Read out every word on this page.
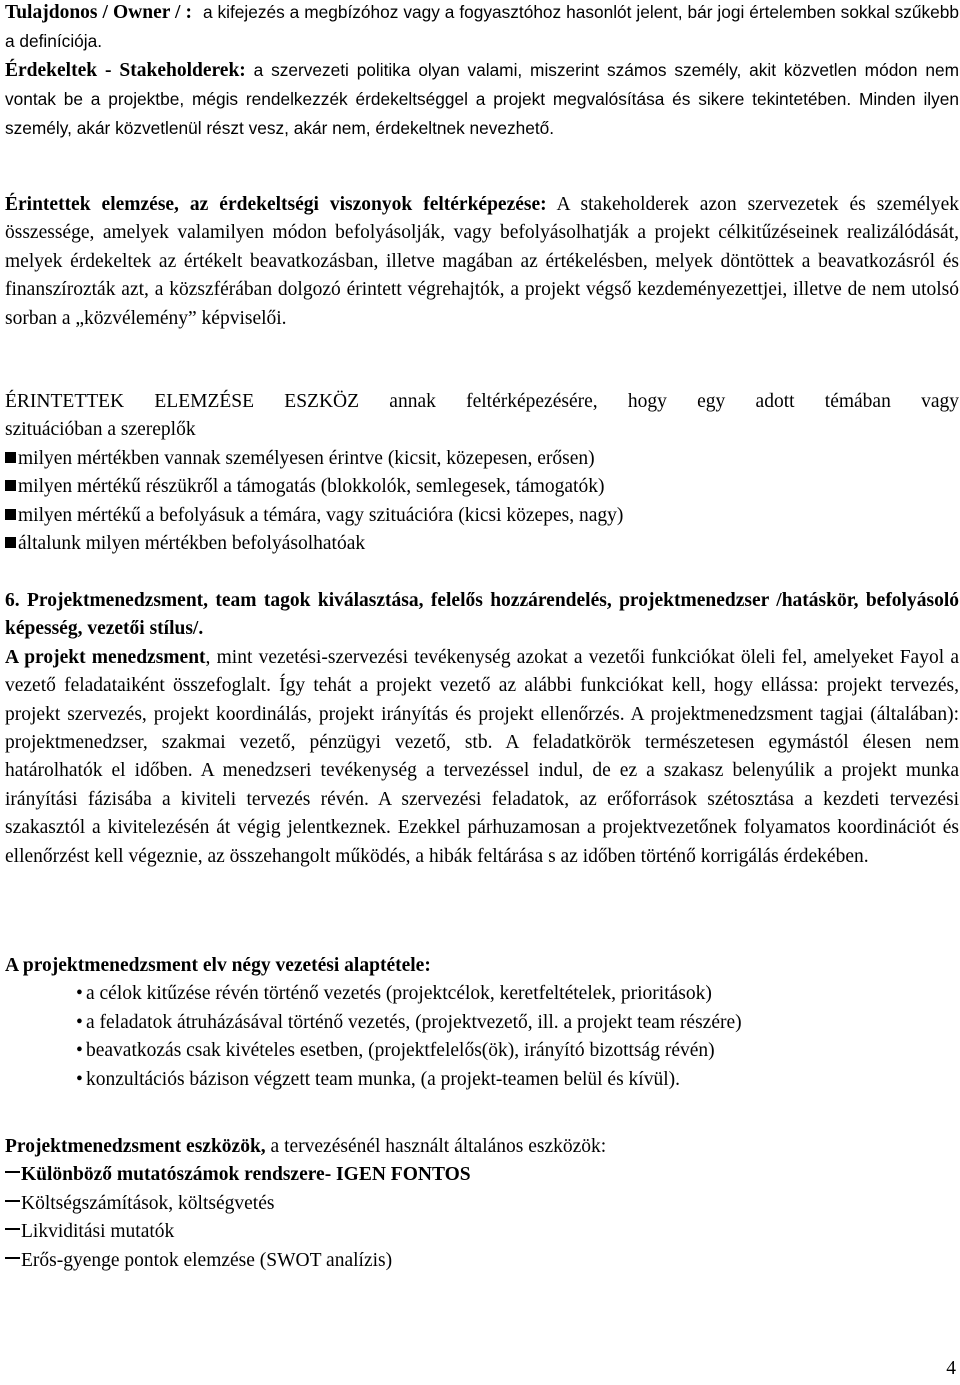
Tulajdonos / Owner / : a kifejezés a megbízóhoz vagy a fogyasztóhoz hasonlót jelent, bár jogi értelemben sokkal szűkebb a definíciója.

Érdekeltek - Stakeholderek: a szervezeti politika olyan valami, miszerint számos személy, akit közvetlen módon nem vontak be a projektbe, mégis rendelkezzék érdekeltséggel a projekt megvalósítása és sikere tekintetében. Minden ilyen személy, akár közvetlenül részt vesz, akár nem, érdekeltnek nevezhető.

Érintettek elemzése, az érdekeltségi viszonyok feltérképezése: A stakeholderek azon szervezetek és személyek összessége, amelyek valamilyen módon befolyásolják, vagy befolyásolhatják a projekt célkitűzéseinek realizálódását, melyek érdekeltek az értékelt beavatkozásban, illetve magában az értékelésben, melyek döntöttek a beavatkozásról és finanszírozták azt, a közszférában dolgozó érintett végrehajtók, a projekt végső kezdeményezettjei, illetve de nem utolsó sorban a „közvélemény” képviselői.

ÉRINTETTEK ELEMZÉSE ESZKÖZ annak feltérképezésére, hogy egy adott témában vagy
szituációban a szereplők
milyen mértékben vannak személyesen érintve (kicsit, közepesen, erősen)
milyen mértékű részükről a támogatás (blokkolók, semlegesek, támogatók)
milyen mértékű a befolyásuk a témára, vagy szituációra (kicsi közepes, nagy)
általunk milyen mértékben befolyásolhatóak

6. Projektmenedzsment, team tagok kiválasztása, felelős hozzárendelés, projektmenedzser /hatáskör, befolyásoló képesség, vezetői stílus/.

A projekt menedzsment, mint vezetési-szervezési tevékenység azokat a vezetői funkciókat öleli fel, amelyeket Fayol a vezető feladataiként összefoglalt. Így tehát a projekt vezető az alábbi funkciókat kell, hogy ellássa: projekt tervezés, projekt szervezés, projekt koordinálás, projekt irányítás és projekt ellenőrzés. A projektmenedzsment tagjai (általában): projektmenedzser, szakmai vezető, pénzügyi vezető, stb. A feladatkörök természetesen egymástól élesen nem határolhatók el időben. A menedzseri tevékenység a tervezéssel indul, de ez a szakasz belenyúlik a projekt munka irányítási fázisába a kiviteli tervezés révén. A szervezési feladatok, az erőforrások szétosztása a kezdeti tervezési szakasztól a kivitelezésén át végig jelentkeznek. Ezekkel párhuzamosan a projektvezetőnek folyamatos koordinációt és ellenőrzést kell végeznie, az összehangolt működés, a hibák feltárása s az időben történő korrigálás érdekében.

A projektmenedzsment elv négy vezetési alaptétele:
• a célok kitűzése révén történő vezetés (projektcélok, keretfeltételek, prioritások)
• a feladatok átruházásával történő vezetés, (projektvezető, ill. a projekt team részére)
• beavatkozás csak kivételes esetben, (projektfelelős(ök), irányító bizottság révén)
• konzultációs bázison végzett team munka, (a projekt-teamen belül és kívül).
Projektmenedzsment eszközök, a tervezésénél használt általános eszközök:
Különböző mutatószámok rendszere- IGEN FONTOS
Költségszámítások, költségvetés
Likviditási mutatók
Erős-gyenge pontok elemzése (SWOT analízis)
4
